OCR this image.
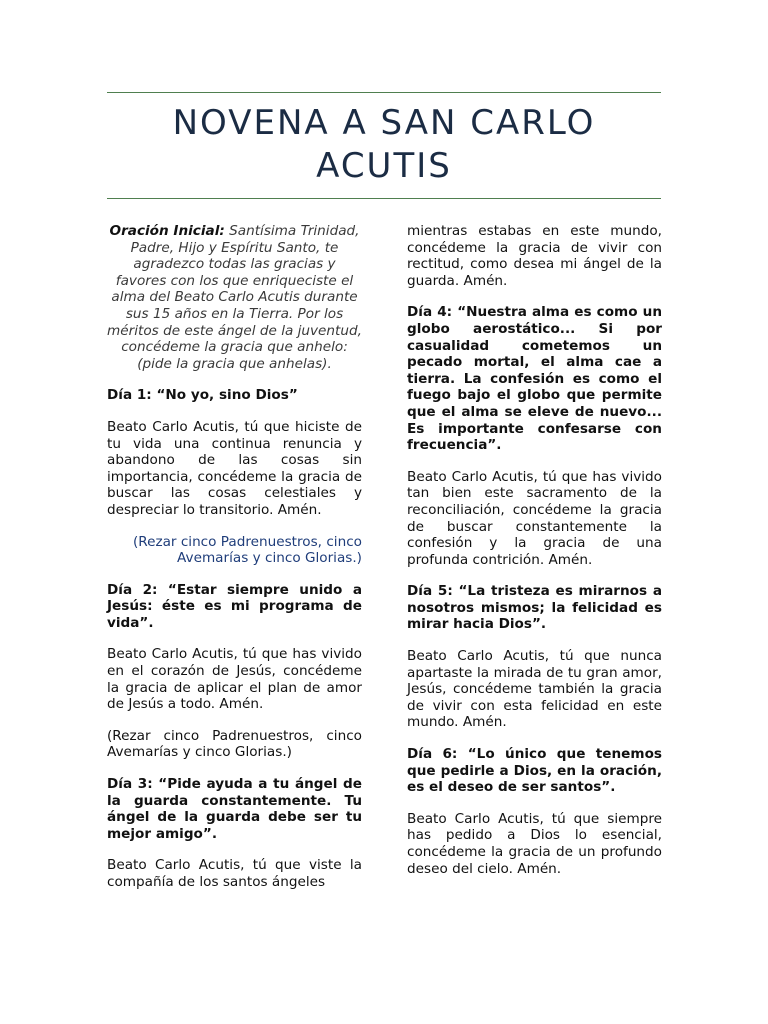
NOVENA A SAN CARLO ACUTIS

Oración Inicial: Santísima Trinidad, Padre, Hijo y Espíritu Santo, te agradezco todas las gracias y favores con los que enriqueciste el alma del Beato Carlo Acutis durante sus 15 años en la Tierra. Por los méritos de este ángel de la juventud, concédeme la gracia que anhelo: (pide la gracia que anhelas).

Día 1: “No yo, sino Dios”

Beato Carlo Acutis, tú que hiciste de tu vida una continua renuncia y abandono de las cosas sin importancia, concédeme la gracia de buscar las cosas celestiales y despreciar lo transitorio. Amén.

(Rezar cinco Padrenuestros, cinco Avemarías y cinco Glorias.)

Día 2: “Estar siempre unido a Jesús: éste es mi programa de vida”.

Beato Carlo Acutis, tú que has vivido en el corazón de Jesús, concédeme la gracia de aplicar el plan de amor de Jesús a todo. Amén.

(Rezar cinco Padrenuestros, cinco Avemarías y cinco Glorias.)

Día 3: “Pide ayuda a tu ángel de la guarda constantemente. Tu ángel de la guarda debe ser tu mejor amigo”.

Beato Carlo Acutis, tú que viste la compañía de los santos ángeles

mientras estabas en este mundo, concédeme la gracia de vivir con rectitud, como desea mi ángel de la guarda. Amén.

Día 4: “Nuestra alma es como un globo aerostático... Si por casualidad cometemos un pecado mortal, el alma cae a tierra. La confesión es como el fuego bajo el globo que permite que el alma se eleve de nuevo... Es importante confesarse con frecuencia”.

Beato Carlo Acutis, tú que has vivido tan bien este sacramento de la reconciliación, concédeme la gracia de buscar constantemente la confesión y la gracia de una profunda contrición. Amén.

Día 5: “La tristeza es mirarnos a nosotros mismos; la felicidad es mirar hacia Dios”.

Beato Carlo Acutis, tú que nunca apartaste la mirada de tu gran amor, Jesús, concédeme también la gracia de vivir con esta felicidad en este mundo. Amén.

Día 6: “Lo único que tenemos que pedirle a Dios, en la oración, es el deseo de ser santos”.

Beato Carlo Acutis, tú que siempre has pedido a Dios lo esencial, concédeme la gracia de un profundo deseo del cielo. Amén.
